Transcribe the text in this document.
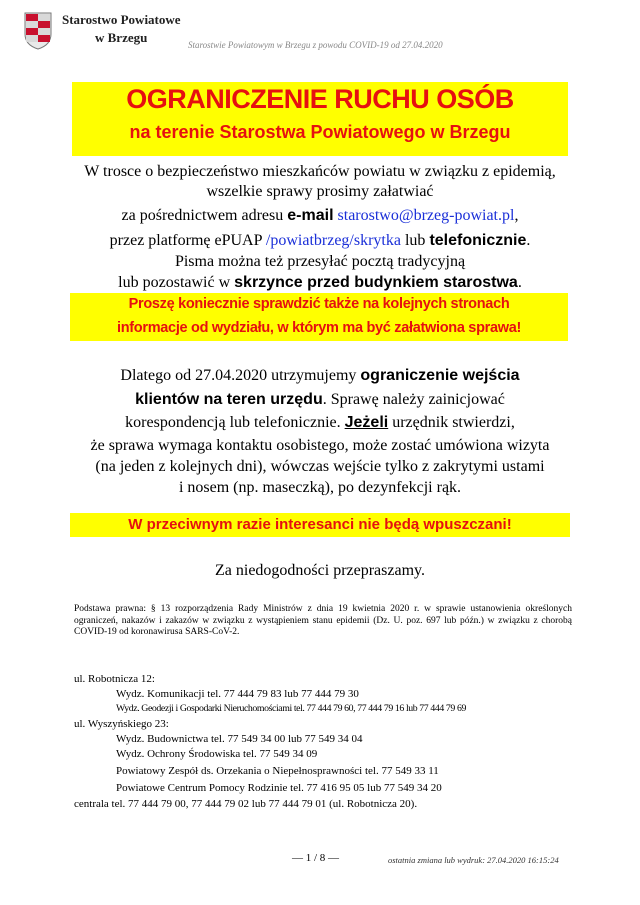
Starostwo Powiatowe
w Brzegu	Starostwie Powiatowym w Brzegu z powodu COVID-19 od 27.04.2020
OGRANICZENIE RUCHU OSÓB
na terenie Starostwa Powiatowego w Brzegu
W trosce o bezpieczeństwo mieszkańców powiatu w związku z epidemią,
wszelkie sprawy prosimy załatwiać
za pośrednictwem adresu e-mail starostwo@brzeg-powiat.pl,
przez platformę ePUAP /powiatbrzeg/skrytka lub telefonicznie.
Pisma można też przesyłać pocztą tradycyjną
lub pozostawić w skrzynce przed budynkiem starostwa.
Proszę koniecznie sprawdzić także na kolejnych stronach
informacje od wydziału, w którym ma być załatwiona sprawa!
Dlatego od 27.04.2020 utrzymujemy ograniczenie wejścia
klientów na teren urzędu. Sprawę należy zainicjować
korespondencją lub telefonicznie. Jeżeli urzędnik stwierdzi,
że sprawa wymaga kontaktu osobistego, może zostać umówiona wizyta
(na jeden z kolejnych dni), wówczas wejście tylko z zakrytymi ustami
i nosem (np. maseczką), po dezynfekcji rąk.
W przeciwnym razie interesanci nie będą wpuszczani!
Za niedogodności przepraszamy.
Podstawa prawna: § 13 rozporządzenia Rady Ministrów z dnia 19 kwietnia 2020 r. w sprawie ustanowienia określonych ograniczeń, nakazów i zakazów w związku z wystąpieniem stanu epidemii (Dz. U. poz. 697 lub późn.) w związku z chorobą COVID-19 od koronawirusa SARS-CoV-2.
ul. Robotnicza 12:
Wydz. Komunikacji tel. 77 444 79 83 lub 77 444 79 30
Wydz. Geodezji i Gospodarki Nieruchomościami tel. 77 444 79 60, 77 444 79 16 lub 77 444 79 69
ul. Wyszyńskiego 23:
Wydz. Budownictwa tel. 77 549 34 00 lub 77 549 34 04
Wydz. Ochrony Środowiska tel. 77 549 34 09
Powiatowy Zespół ds. Orzekania o Niepełnosprawności tel. 77 549 33 11
Powiatowe Centrum Pomocy Rodzinie tel. 77 416 95 05 lub 77 549 34 20
centrala tel. 77 444 79 00, 77 444 79 02 lub 77 444 79 01 (ul. Robotnicza 20).
— 1 / 8 —	ostatnia zmiana lub wydruk: 27.04.2020 16:15:24
